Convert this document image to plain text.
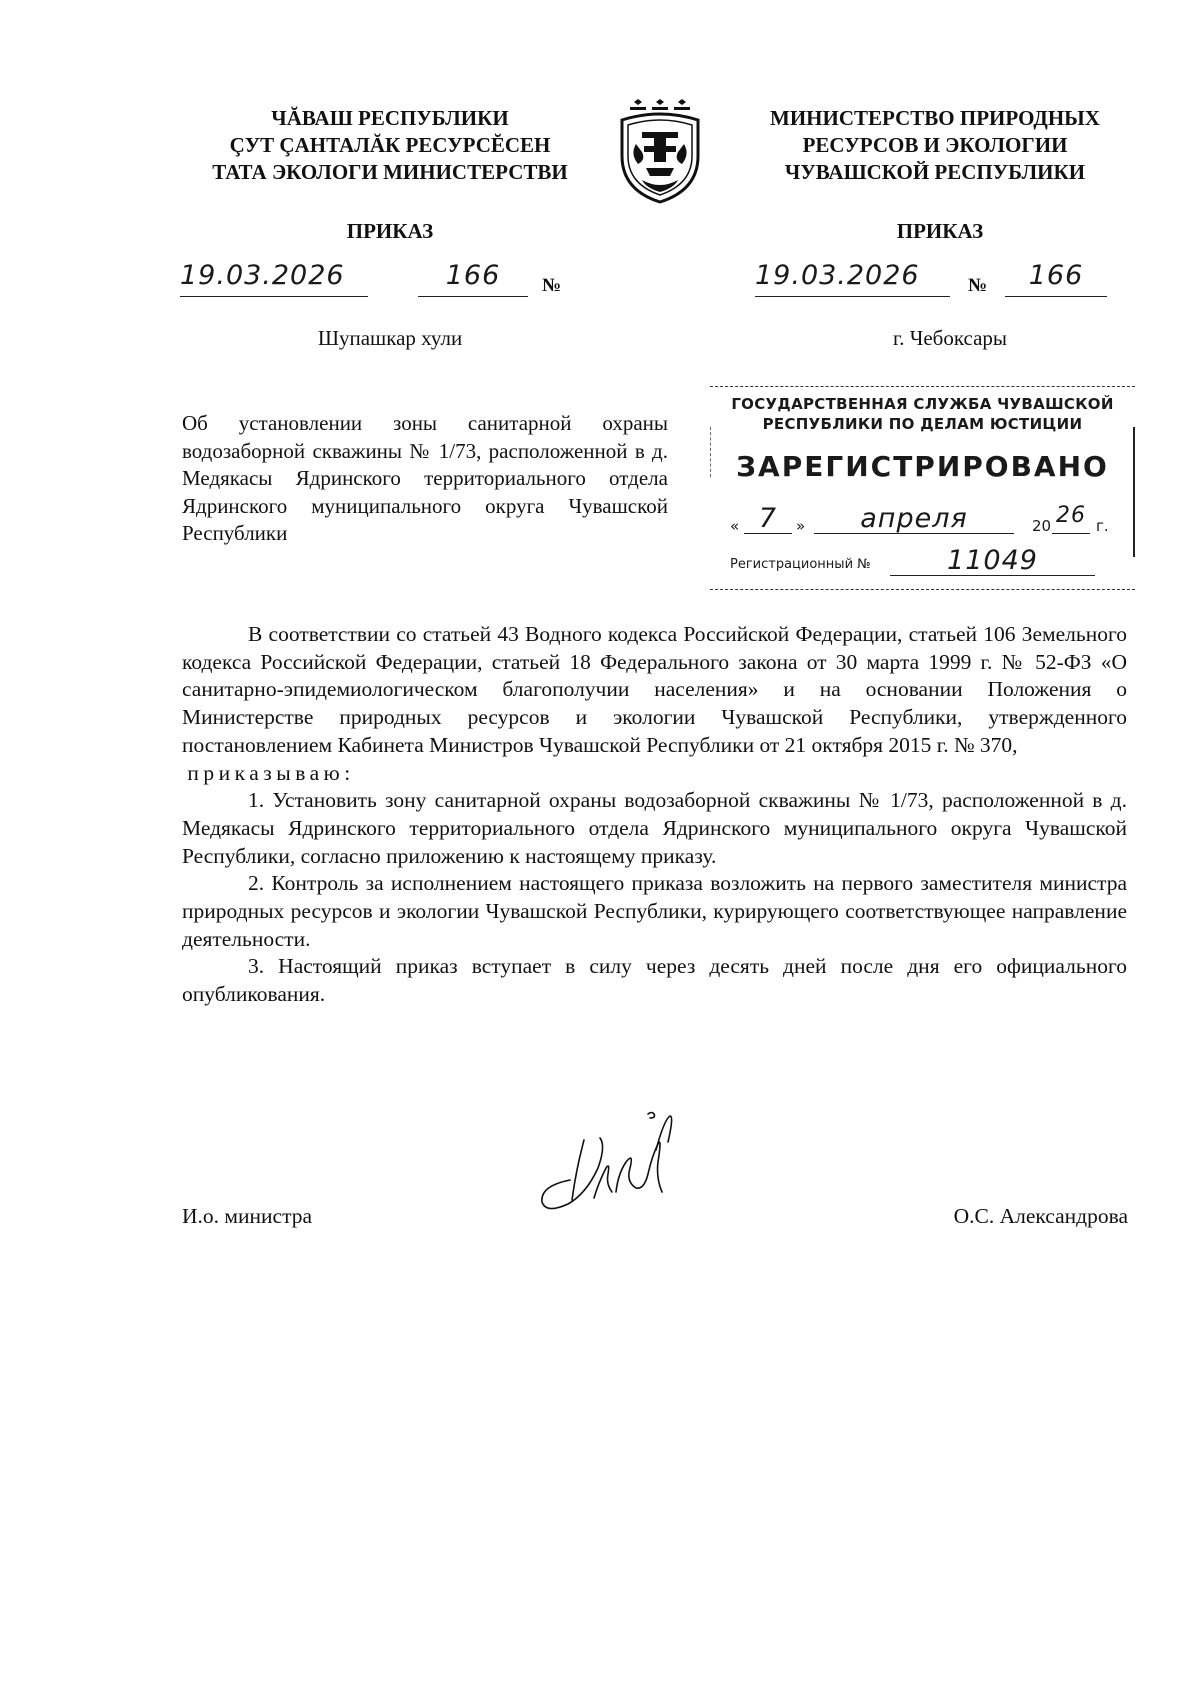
ЧĂВАШ РЕСПУБЛИКИ
ÇУТ ÇАНТАЛĂК РЕСУРСĔСЕН
ТАТА ЭКОЛОГИ МИНИСТЕРСТВИ
МИНИСТЕРСТВО ПРИРОДНЫХ
РЕСУРСОВ И ЭКОЛОГИИ
ЧУВАШСКОЙ РЕСПУБЛИКИ
ПРИКАЗ	ПРИКАЗ
19.03.2026	166	№	19.03.2026	№	166
Шупашкар хули	г. Чебоксары
Об установлении зоны санитарной охраны водозаборной скважины № 1/73, расположенной в д. Медякасы Ядринского территориального отдела Ядринского муниципального округа Чувашской Республики
ГОСУДАРСТВЕННАЯ СЛУЖБА ЧУВАШСКОЙ
РЕСПУБЛИКИ ПО ДЕЛАМ ЮСТИЦИИ
ЗАРЕГИСТРИРОВАНО
« 7	»	апреля	20 26 г.
Регистрационный №	11049

В соответствии со статьей 43 Водного кодекса Российской Федерации, статьей 106 Земельного кодекса Российской Федерации, статьей 18 Федерального закона от 30 марта 1999 г. № 52-ФЗ «О санитарно-эпидемиологическом благополучии населения» и на основании Положения о Министерстве природных ресурсов и экологии Чувашской Республики, утвержденного постановлением Кабинета Министров Чувашской Республики от 21 октября 2015 г. № 370,

приказываю:

1. Установить зону санитарной охраны водозаборной скважины № 1/73, расположенной в д. Медякасы Ядринского территориального отдела Ядринского муниципального округа Чувашской Республики, согласно приложению к настоящему приказу.

2. Контроль за исполнением настоящего приказа возложить на первого заместителя министра природных ресурсов и экологии Чувашской Республики, курирующего соответствующее направление деятельности.

3. Настоящий приказ вступает в силу через десять дней после дня его официального опубликования.

И.о. министра	О.С. Александрова
